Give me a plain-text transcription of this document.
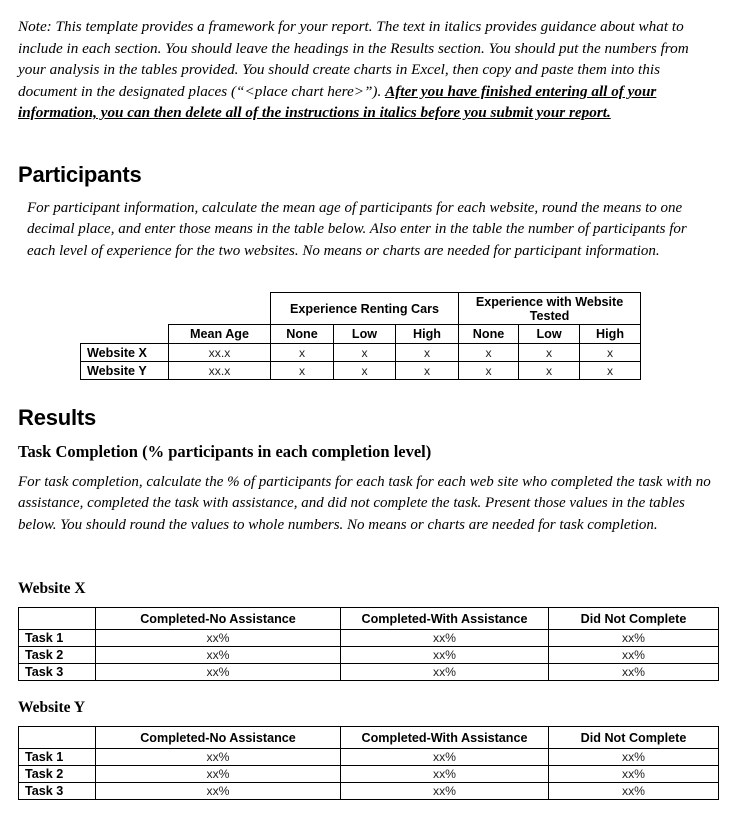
Note: This template provides a framework for your report. The text in italics provides guidance about what to include in each section. You should leave the headings in the Results section. You should put the numbers from your analysis in the tables provided. You should create charts in Excel, then copy and paste them into this document in the designated places (“<place chart here>”). After you have finished entering all of your information, you can then delete all of the instructions in italics before you submit your report.

Participants

For participant information, calculate the mean age of participants for each website, round the means to one decimal place, and enter those means in the table below. Also enter in the table the number of participants for each level of experience for the two websites. No means or charts are needed for participant information.

		Experience Renting Cars			Experience with Website Tested		
	Mean Age	None	Low	High	None	Low	High
Website X	xx.x	x	x	x	x	x	x
Website Y	xx.x	x	x	x	x	x	x
Results
Task Completion (% participants in each completion level)

For task completion, calculate the % of participants for each task for each web site who completed the task with no assistance, completed the task with assistance, and did not complete the task. Present those values in the tables below. You should round the values to whole numbers. No means or charts are needed for task completion.

Website X
	Completed-No Assistance	Completed-With Assistance	Did Not Complete
Task 1	xx%	xx%	xx%
Task 2	xx%	xx%	xx%
Task 3	xx%	xx%	xx%
Website Y
	Completed-No Assistance	Completed-With Assistance	Did Not Complete
Task 1	xx%	xx%	xx%
Task 2	xx%	xx%	xx%
Task 3	xx%	xx%	xx%
